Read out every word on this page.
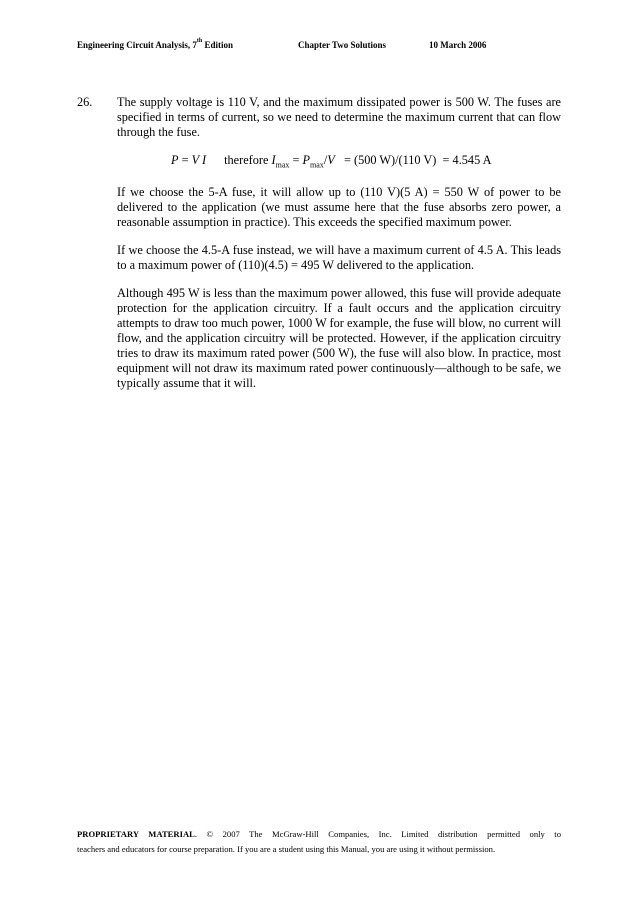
Engineering Circuit Analysis, 7th Edition	Chapter Two Solutions	10 March 2006
26. The supply voltage is 110 V, and the maximum dissipated power is 500 W. The fuses are specified in terms of current, so we need to determine the maximum current that can flow through the fuse.

P = V I therefore $I_{max} = P_{max}/V = (500$ W)/(110 V)  = 4.545 A

If we choose the 5-A fuse, it will allow up to (110 V)(5 A) = 550 W of power to be delivered to the application (we must assume here that the fuse absorbs zero power, a reasonable assumption in practice). This exceeds the specified maximum power.

If we choose the 4.5-A fuse instead, we will have a maximum current of 4.5 A. This leads to a maximum power of (110)(4.5) = 495 W delivered to the application.

Although 495 W is less than the maximum power allowed, this fuse will provide adequate protection for the application circuitry. If a fault occurs and the application circuitry attempts to draw too much power, 1000 W for example, the fuse will blow, no current will flow, and the application circuitry will be protected. However, if the application circuitry tries to draw its maximum rated power (500 W), the fuse will also blow. In practice, most equipment will not draw its maximum rated power continuously—although to be safe, we typically assume that it will.

PROPRIETARY MATERIAL. © 2007 The McGraw-Hill Companies, Inc. Limited distribution permitted only to
teachers and educators for course preparation. If you are a student using this Manual, you are using it without permission.
